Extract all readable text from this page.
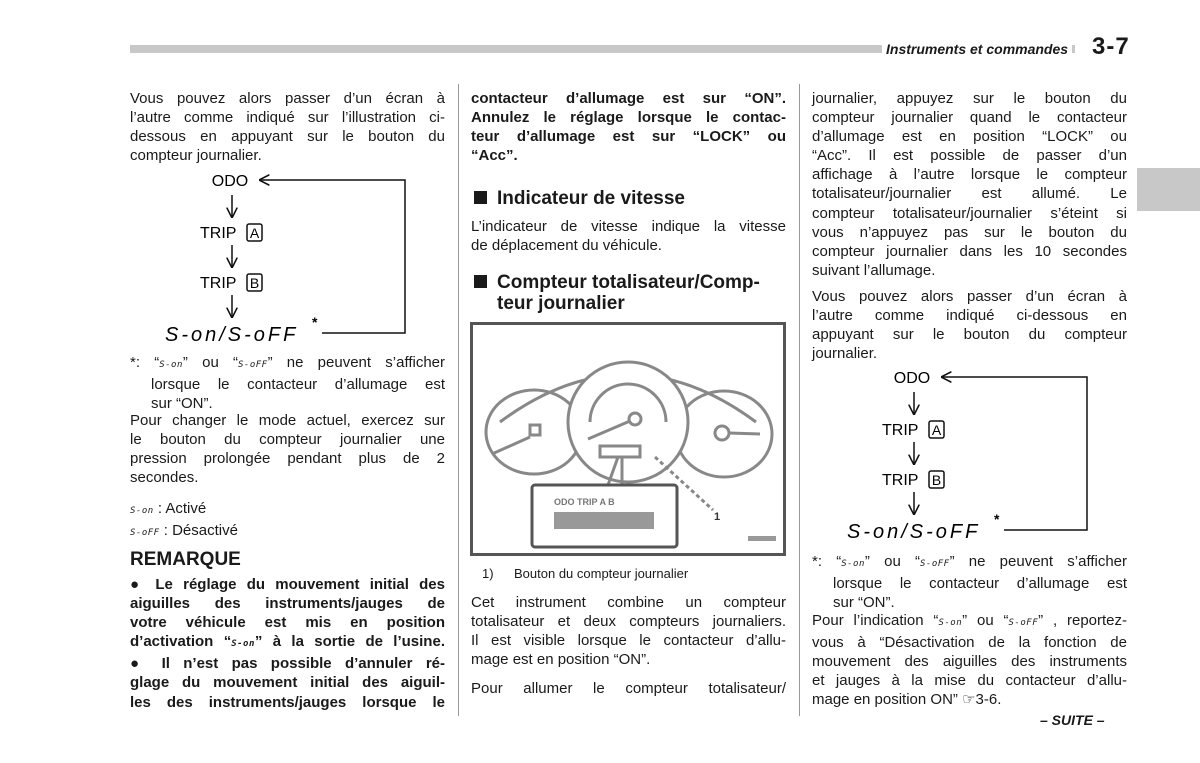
Instruments et commandes 3-7
Vous pouvez alors passer d’un écran à
l’autre comme indiqué sur l’illustration ci-
dessous en appuyant sur le bouton du
compteur journalier.
ODO
TRIP A
TRIP B
S-on/S-oFF
*
*: “S-on” ou “S-oFF” ne peuvent s’afficher
lorsque le contacteur d’allumage est
sur “ON”.
Pour changer le mode actuel, exercez sur
le bouton du compteur journalier une
pression prolongée pendant plus de 2
secondes.
S-on : Activé
S-oFF : Désactivé
REMARQUE
● Le réglage du mouvement initial des
aiguilles des instruments/jauges de
votre véhicule est mis en position
d’activation “S-on” à la sortie de l’usine.
● Il n’est pas possible d’annuler ré-
glage du mouvement initial des aiguil-
les des instruments/jauges lorsque le
contacteur d’allumage est sur “ON”.
Annulez le réglage lorsque le contac-
teur d’allumage est sur “LOCK” ou
“Acc”.
Indicateur de vitesse
L’indicateur de vitesse indique la vitesse
de déplacement du véhicule.
Compteur totalisateur/Comp-
teur journalier
ODO TRIP A B
1
1) Bouton du compteur journalier
Cet instrument combine un compteur
totalisateur et deux compteurs journaliers.
Il est visible lorsque le contacteur d’allu-
mage est en position “ON”.
Pour allumer le compteur totalisateur/
journalier, appuyez sur le bouton du
compteur journalier quand le contacteur
d’allumage est en position “LOCK” ou
“Acc”. Il est possible de passer d’un
affichage à l’autre lorsque le compteur
totalisateur/journalier est allumé. Le
compteur totalisateur/journalier s’éteint si
vous n’appuyez pas sur le bouton du
compteur journalier dans les 10 secondes
suivant l’allumage.
Vous pouvez alors passer d’un écran à
l’autre comme indiqué ci-dessous en
appuyant sur le bouton du compteur
journalier.
ODO
TRIP A
TRIP B
S-on/S-oFF
*
*: “S-on” ou “S-oFF” ne peuvent s’afficher
lorsque le contacteur d’allumage est
sur “ON”.
Pour l’indication “S-on” ou “S-oFF” , reportez-
vous à “Désactivation de la fonction de
mouvement des aiguilles des instruments
et jauges à la mise du contacteur d’allu-
mage en position ON” ☞3-6.
– SUITE –
